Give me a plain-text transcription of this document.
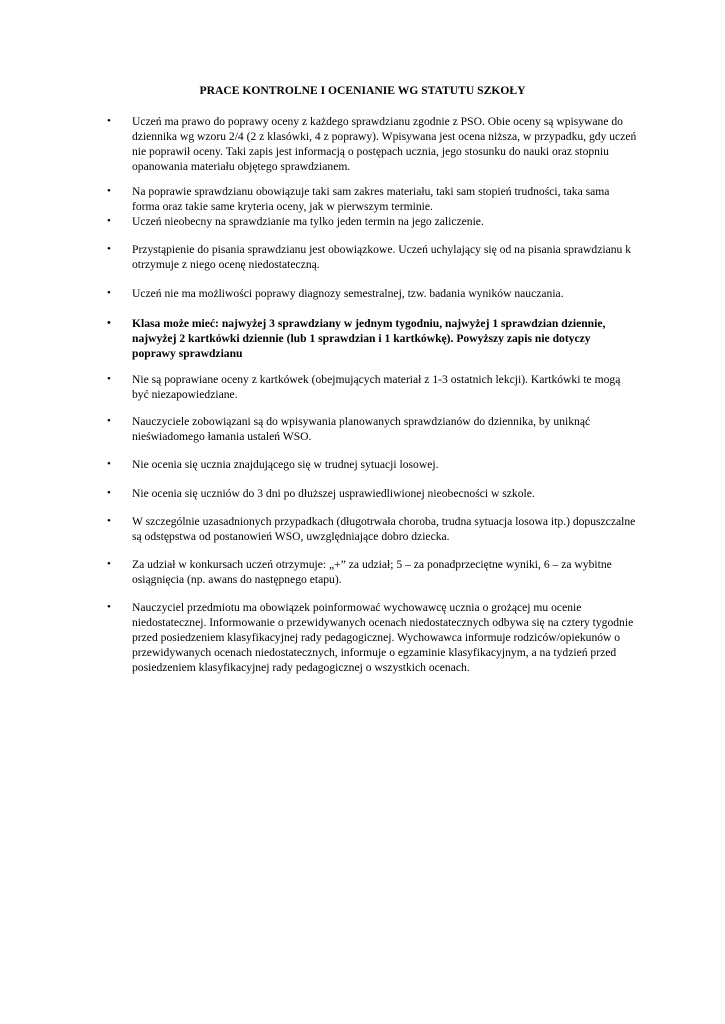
PRACE KONTROLNE I OCENIANIE WG STATUTU SZKOŁY
•	Uczeń ma prawo do poprawy oceny z każdego sprawdzianu zgodnie z PSO. Obie oceny są wpisywane do dziennika wg wzoru 2/4 (2 z klasówki, 4 z poprawy). Wpisywana jest ocena niższa, w przypadku, gdy uczeń nie poprawił oceny. Taki zapis jest informacją o postępach ucznia, jego stosunku do nauki oraz stopniu opanowania materiału objętego sprawdzianem.
•	Na poprawie sprawdzianu obowiązuje taki sam zakres materiału, taki sam stopień trudności, taka sama forma oraz takie same kryteria oceny, jak w pierwszym terminie.
•	Uczeń nieobecny na sprawdzianie ma tylko jeden termin na jego zaliczenie.
•	Przystąpienie do pisania sprawdzianu jest obowiązkowe. Uczeń uchylający się od na pisania sprawdzianu k otrzymuje z niego ocenę niedostateczną.
•	Uczeń nie ma możliwości poprawy diagnozy semestralnej, tzw. badania wyników nauczania.
•	Klasa może mieć: najwyżej 3 sprawdziany w jednym tygodniu, najwyżej 1 sprawdzian dziennie, najwyżej 2 kartkówki dziennie (lub 1 sprawdzian i 1 kartkówkę). Powyższy zapis nie dotyczy poprawy sprawdzianu
•	Nie są poprawiane oceny z kartkówek (obejmujących materiał z 1-3 ostatnich lekcji). Kartkówki te mogą być niezapowiedziane.
•	Nauczyciele zobowiązani są do wpisywania planowanych sprawdzianów do dziennika, by uniknąć nieświadomego łamania ustaleń WSO.
•	Nie ocenia się ucznia znajdującego się w trudnej sytuacji losowej.
•	Nie ocenia się uczniów do 3 dni po dłuższej usprawiedliwionej nieobecności w szkole.
•	W szczególnie uzasadnionych przypadkach (długotrwała choroba, trudna sytuacja losowa itp.) dopuszczalne są odstępstwa od postanowień WSO, uwzględniające dobro dziecka.
•	Za udział w konkursach uczeń otrzymuje: „+” za udział; 5 – za ponadprzeciętne wyniki, 6 – za wybitne osiągnięcia (np. awans do następnego etapu).
•	Nauczyciel przedmiotu ma obowiązek poinformować wychowawcę ucznia o grożącej mu ocenie niedostatecznej. Informowanie o przewidywanych ocenach niedostatecznych odbywa się na cztery tygodnie przed posiedzeniem klasyfikacyjnej rady pedagogicznej. Wychowawca informuje rodziców/opiekunów o przewidywanych ocenach niedostatecznych, informuje o egzaminie klasyfikacyjnym, a na tydzień przed posiedzeniem klasyfikacyjnej rady pedagogicznej o wszystkich ocenach.
